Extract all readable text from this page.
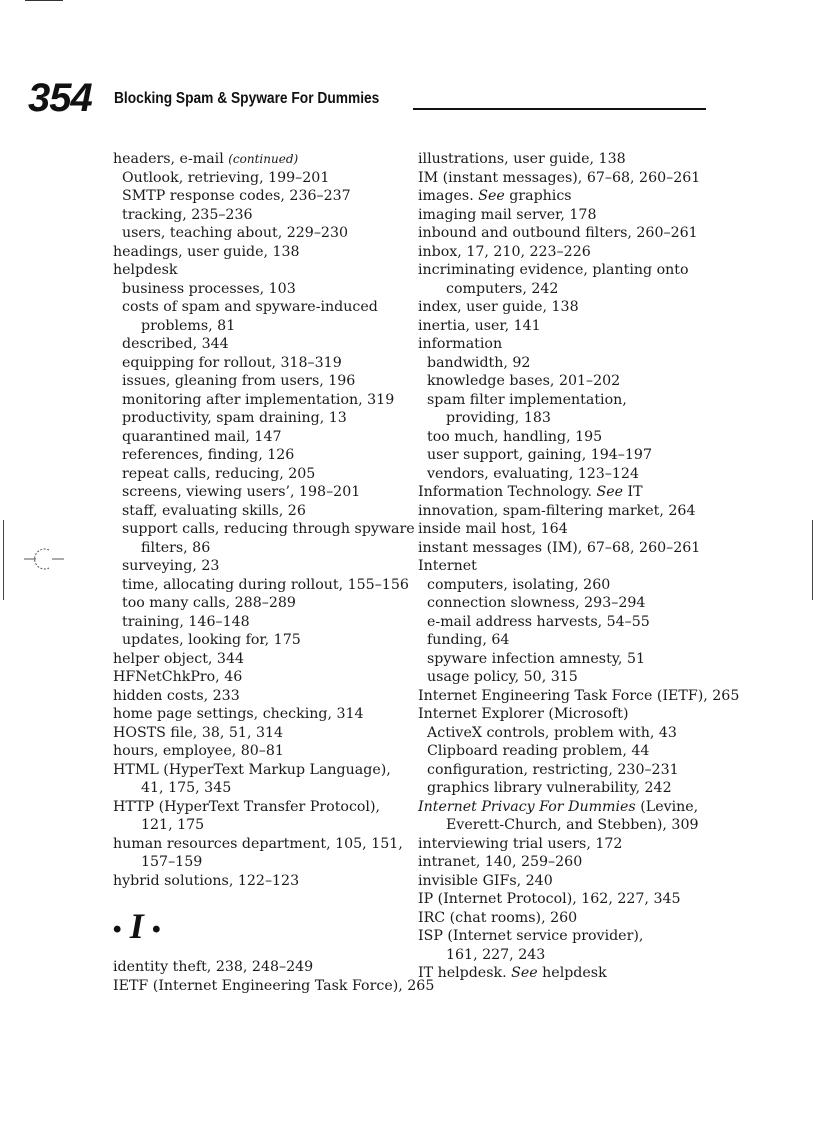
354 Blocking Spam & Spyware For Dummies
headers, e-mail (continued)
Outlook, retrieving, 199–201
SMTP response codes, 236–237
tracking, 235–236
users, teaching about, 229–230
headings, user guide, 138
helpdesk
business processes, 103
costs of spam and spyware-induced
problems, 81
described, 344
equipping for rollout, 318–319
issues, gleaning from users, 196
monitoring after implementation, 319
productivity, spam draining, 13
quarantined mail, 147
references, finding, 126
repeat calls, reducing, 205
screens, viewing users’, 198–201
staff, evaluating skills, 26
support calls, reducing through spyware
filters, 86
surveying, 23
time, allocating during rollout, 155–156
too many calls, 288–289
training, 146–148
updates, looking for, 175
helper object, 344
HFNetChkPro, 46
hidden costs, 233
home page settings, checking, 314
HOSTS file, 38, 51, 314
hours, employee, 80–81
HTML (HyperText Markup Language),
41, 175, 345
HTTP (HyperText Transfer Protocol),
121, 175
human resources department, 105, 151,
157–159
hybrid solutions, 122–123
• I •
identity theft, 238, 248–249
IETF (Internet Engineering Task Force), 265
illustrations, user guide, 138
IM (instant messages), 67–68, 260–261
images. See graphics
imaging mail server, 178
inbound and outbound filters, 260–261
inbox, 17, 210, 223–226
incriminating evidence, planting onto
computers, 242
index, user guide, 138
inertia, user, 141
information
bandwidth, 92
knowledge bases, 201–202
spam filter implementation,
providing, 183
too much, handling, 195
user support, gaining, 194–197
vendors, evaluating, 123–124
Information Technology. See IT
innovation, spam-filtering market, 264
inside mail host, 164
instant messages (IM), 67–68, 260–261
Internet
computers, isolating, 260
connection slowness, 293–294
e-mail address harvests, 54–55
funding, 64
spyware infection amnesty, 51
usage policy, 50, 315
Internet Engineering Task Force (IETF), 265
Internet Explorer (Microsoft)
ActiveX controls, problem with, 43
Clipboard reading problem, 44
configuration, restricting, 230–231
graphics library vulnerability, 242
Internet Privacy For Dummies (Levine,
Everett-Church, and Stebben), 309
interviewing trial users, 172
intranet, 140, 259–260
invisible GIFs, 240
IP (Internet Protocol), 162, 227, 345
IRC (chat rooms), 260
ISP (Internet service provider),
161, 227, 243
IT helpdesk. See helpdesk
